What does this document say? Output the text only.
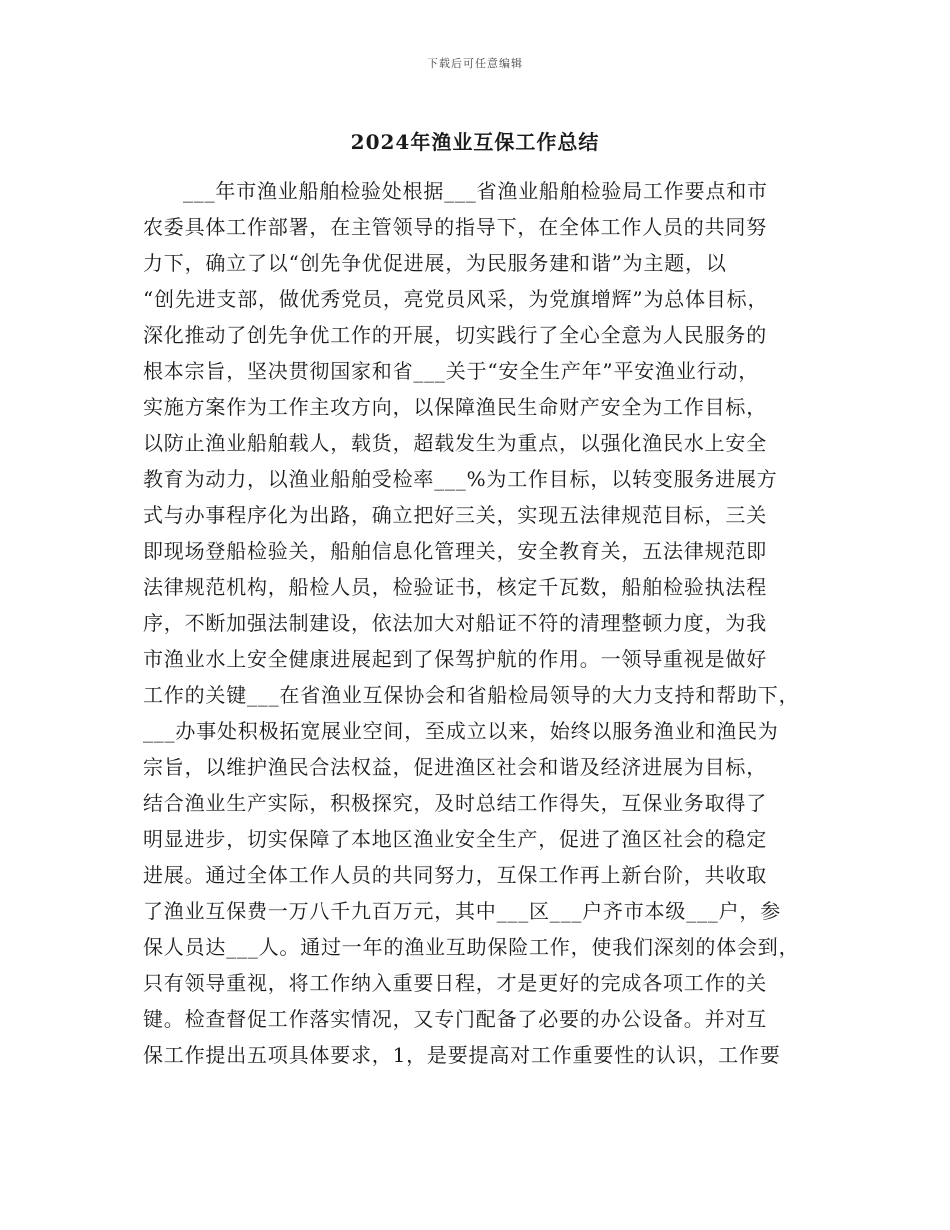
下载后可任意编辑
2024年渔业互保工作总结
___年市渔业船舶检验处根据___省渔业船舶检验局工作要点和市
农委具体工作部署，在主管领导的指导下，在全体工作人员的共同努
力下，确立了以“创先争优促进展，为民服务建和谐”为主题，以
“创先进支部，做优秀党员，亮党员风采，为党旗增辉”为总体目标，
深化推动了创先争优工作的开展，切实践行了全心全意为人民服务的
根本宗旨，坚决贯彻国家和省___关于“安全生产年”平安渔业行动，
实施方案作为工作主攻方向，以保障渔民生命财产安全为工作目标，
以防止渔业船舶载人，载货，超载发生为重点，以强化渔民水上安全
教育为动力，以渔业船舶受检率___%为工作目标，以转变服务进展方
式与办事程序化为出路，确立把好三关，实现五法律规范目标，三关
即现场登船检验关，船舶信息化管理关，安全教育关，五法律规范即
法律规范机构，船检人员，检验证书，核定千瓦数，船舶检验执法程
序，不断加强法制建设，依法加大对船证不符的清理整顿力度，为我
市渔业水上安全健康进展起到了保驾护航的作用。一领导重视是做好
工作的关键___在省渔业互保协会和省船检局领导的大力支持和帮助下，
___办事处积极拓宽展业空间，至成立以来，始终以服务渔业和渔民为
宗旨，以维护渔民合法权益，促进渔区社会和谐及经济进展为目标，
结合渔业生产实际，积极探究，及时总结工作得失，互保业务取得了
明显进步，切实保障了本地区渔业安全生产，促进了渔区社会的稳定
进展。通过全体工作人员的共同努力，互保工作再上新台阶，共收取
了渔业互保费一万八千九百万元，其中___区___户齐市本级___户，参
保人员达___人。通过一年的渔业互助保险工作，使我们深刻的体会到，
只有领导重视，将工作纳入重要日程，才是更好的完成各项工作的关
键。检查督促工作落实情况，又专门配备了必要的办公设备。并对互
保工作提出五项具体要求，1，是要提高对工作重要性的认识，工作要
